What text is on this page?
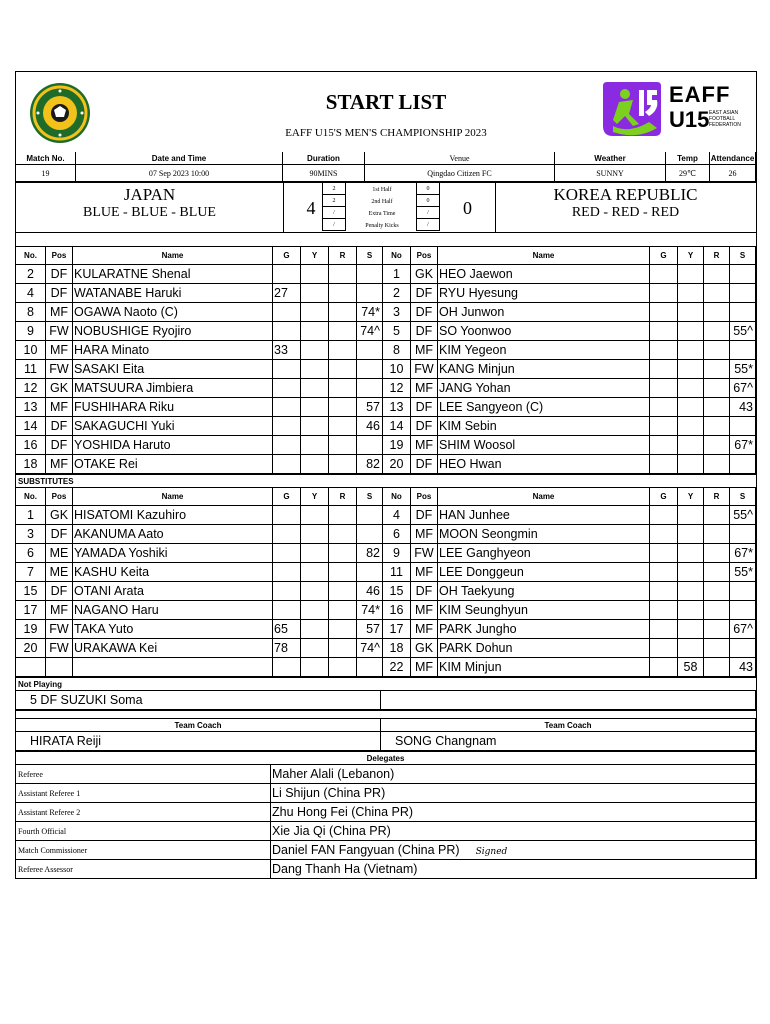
START LIST
EAFF U15'S MEN'S CHAMPIONSHIP 2023
EAFF
U15 EAST ASIAN FOOTBALL FEDERATION
Match No.	Date and Time	Duration	Venue	Weather	Temp	Attendance
19	07 Sep 2023 10:00	90MINS	Qingdao Citizen FC	SUNNY	29℃	26
JAPAN
BLUE - BLUE - BLUE	4
2
2
/
/
1st Half
2nd Half
Extra Time
Penalty Kicks
0
0
/
/
0
KOREA REPUBLIC
RED - RED - RED
No.	Pos	Name	G	Y	R	S	No	Pos	Name	G	Y	R	S
2	DF	KULARATNE Shenal					1	GK	HEO Jaewon				
4	DF	WATANABE Haruki	27				2	DF	RYU Hyesung				
8	MF	OGAWA Naoto (C)				74*	3	DF	OH Junwon				
9	FW	NOBUSHIGE Ryojiro				74^	5	DF	SO Yoonwoo				55^
10	MF	HARA Minato	33				8	MF	KIM Yegeon				
11	FW	SASAKI Eita					10	FW	KANG Minjun				55*
12	GK	MATSUURA Jimbiera					12	MF	JANG Yohan				67^
13	MF	FUSHIHARA Riku				57	13	DF	LEE Sangyeon (C)				43
14	DF	SAKAGUCHI Yuki				46	14	DF	KIM Sebin				
16	DF	YOSHIDA Haruto					19	MF	SHIM Woosol				67*
18	MF	OTAKE Rei				82	20	DF	HEO Hwan				
SUBSTITUTES
No.	Pos	Name	G	Y	R	S	No	Pos	Name	G	Y	R	S
1	GK	HISATOMI Kazuhiro					4	DF	HAN Junhee				55^
3	DF	AKANUMA Aato					6	MF	MOON Seongmin				
6	ME	YAMADA Yoshiki				82	9	FW	LEE Ganghyeon				67*
7	ME	KASHU Keita					11	MF	LEE Donggeun				55*
15	DF	OTANI Arata				46	15	DF	OH Taekyung				
17	MF	NAGANO Haru				74*	16	MF	KIM Seunghyun				
19	FW	TAKA Yuto	65			57	17	MF	PARK Jungho				67^
20	FW	URAKAWA Kei	78			74^	18	GK	PARK Dohun				
							22	MF	KIM Minjun		58		43
Not Playing
5 DF SUZUKI Soma	
Team Coach	Team Coach
HIRATA Reiji	SONG Changnam
Delegates	
Referee	Maher Alali (Lebanon)
Assistant Referee 1	Li Shijun (China PR)
Assistant Referee 2	Zhu Hong Fei (China PR)
Fourth Official	Xie Jia Qi (China PR)
Match Commissioner	Daniel FAN Fangyuan (China PR) Signed
Referee Assessor	Dang Thanh Ha (Vietnam)
